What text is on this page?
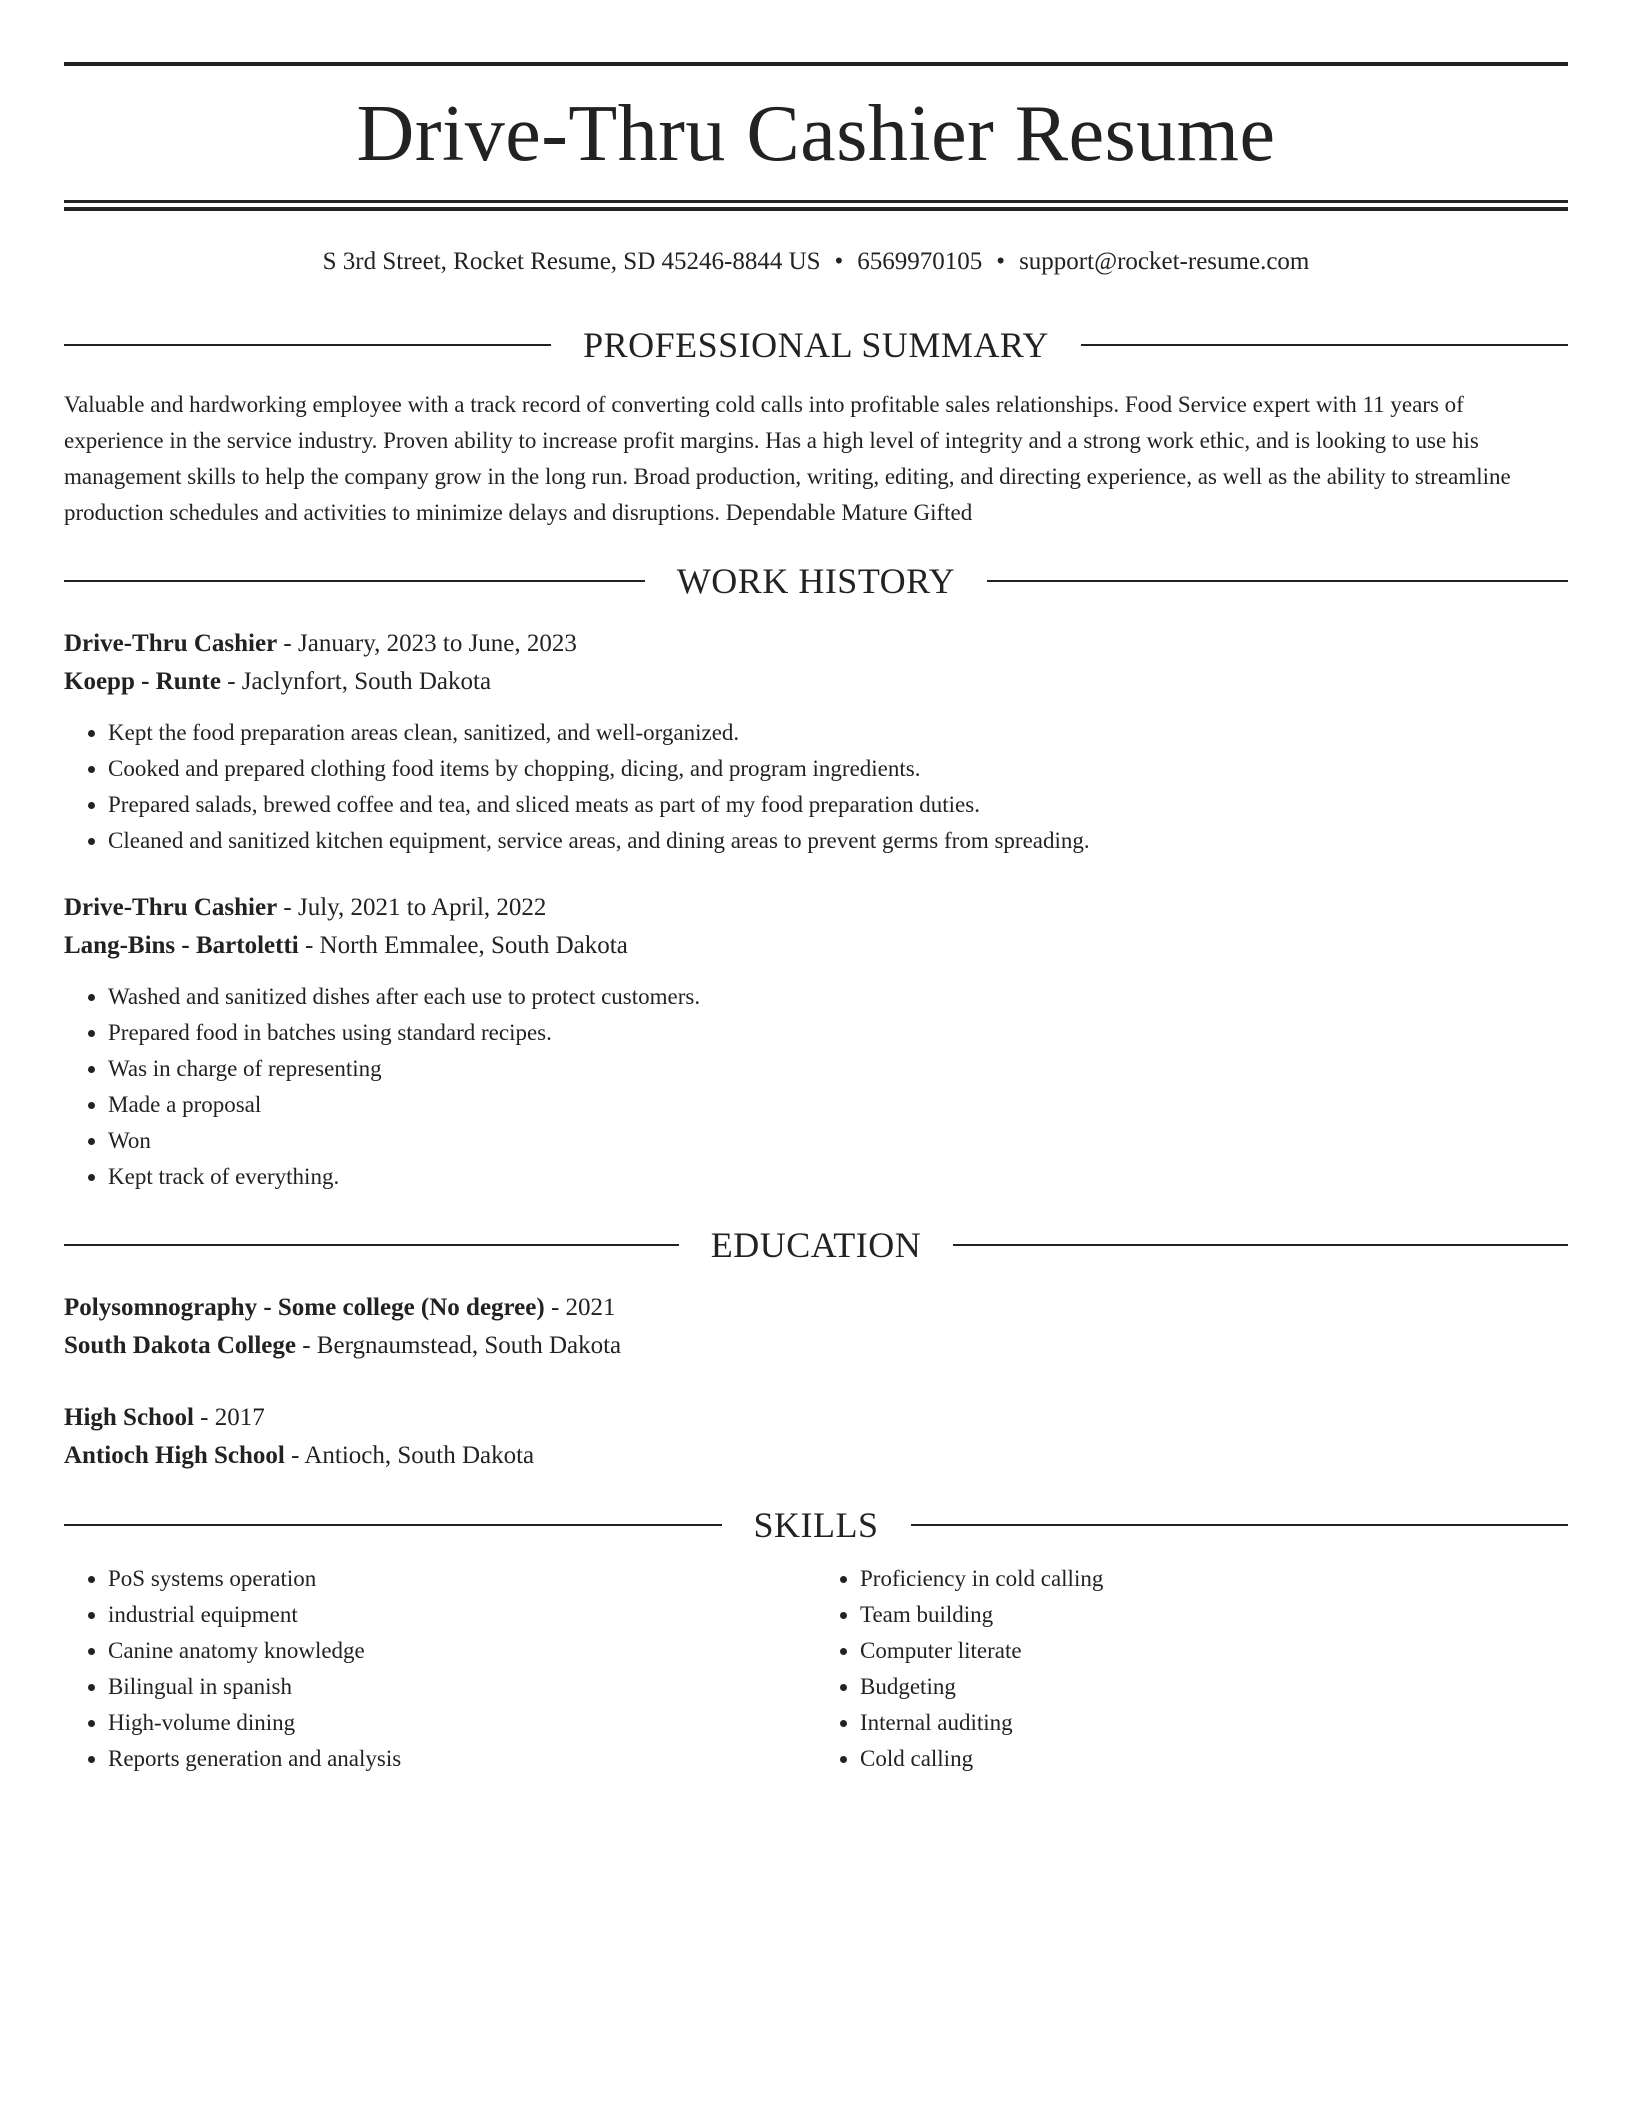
Drive-Thru Cashier Resume
S 3rd Street, Rocket Resume, SD 45246-8844 US • 6569970105 • support@rocket-resume.com
PROFESSIONAL SUMMARY
Valuable and hardworking employee with a track record of converting cold calls into profitable sales relationships. Food Service expert with 11 years of experience in the service industry. Proven ability to increase profit margins. Has a high level of integrity and a strong work ethic, and is looking to use his management skills to help the company grow in the long run. Broad production, writing, editing, and directing experience, as well as the ability to streamline production schedules and activities to minimize delays and disruptions. Dependable Mature Gifted
WORK HISTORY
Drive-Thru Cashier - January, 2023 to June, 2023
Koepp - Runte - Jaclynfort, South Dakota
• Kept the food preparation areas clean, sanitized, and well-organized.
• Cooked and prepared clothing food items by chopping, dicing, and program ingredients.
• Prepared salads, brewed coffee and tea, and sliced meats as part of my food preparation duties.
• Cleaned and sanitized kitchen equipment, service areas, and dining areas to prevent germs from spreading.
Drive-Thru Cashier - July, 2021 to April, 2022
Lang-Bins - Bartoletti - North Emmalee, South Dakota
• Washed and sanitized dishes after each use to protect customers.
• Prepared food in batches using standard recipes.
• Was in charge of representing
• Made a proposal
• Won
• Kept track of everything.
EDUCATION
Polysomnography - Some college (No degree) - 2021
South Dakota College - Bergnaumstead, South Dakota
High School - 2017
Antioch High School - Antioch, South Dakota
SKILLS
• PoS systems operation
• industrial equipment
• Canine anatomy knowledge
• Bilingual in spanish
• High-volume dining
• Reports generation and analysis
• Proficiency in cold calling
• Team building
• Computer literate
• Budgeting
• Internal auditing
• Cold calling
